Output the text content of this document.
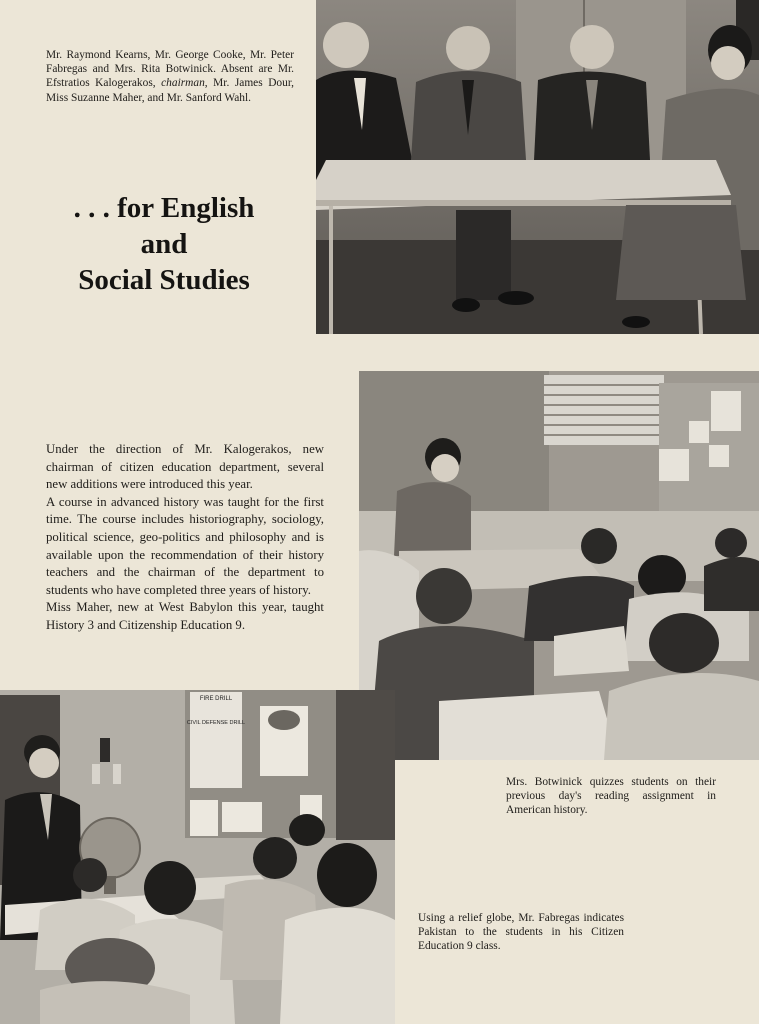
Mr. Raymond Kearns, Mr. George Cooke, Mr. Peter Fabregas and Mrs. Rita Botwinick. Absent are Mr. Efstratios Kalogerakos, chairman, Mr. James Dour, Miss Suzanne Maher, and Mr. Sanford Wahl.
. . . for English
and
Social Studies

Under the direction of Mr. Kalogerakos, new chairman of citizen education department, several new additions were introduced this year.

A course in advanced history was taught for the first time. The course includes historiography, sociology, political science, geo-politics and philosophy and is available upon the recommendation of their history teachers and the chairman of the department to students who have completed three years of history.

Miss Maher, new at West Babylon this year, taught History 3 and Citizenship Education 9.

Mrs. Botwinick quizzes students on their previous day's reading assignment in American history.
FIRE DRILL
CIVIL DEFENSE DRILL
Using a relief globe, Mr. Fabregas indicates Pakistan to the students in his Citizen Education 9 class.
